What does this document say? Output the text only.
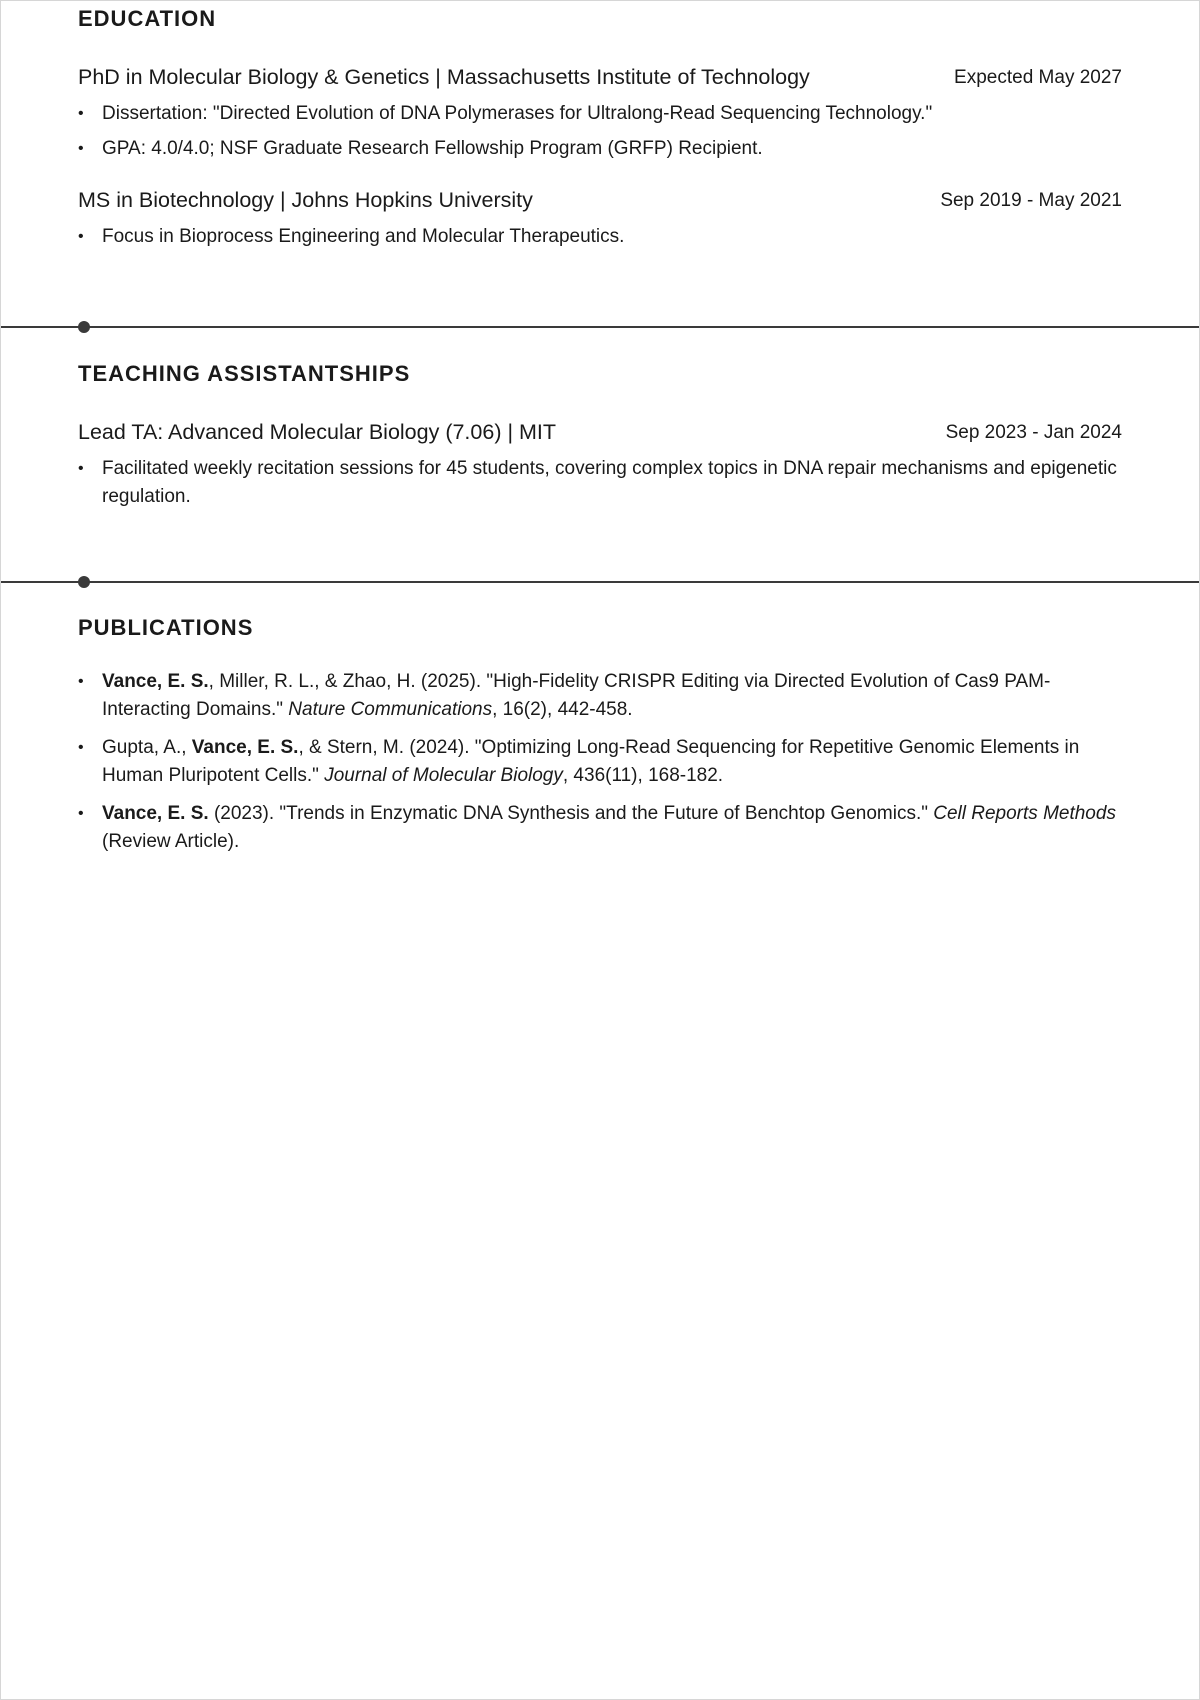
EDUCATION
PhD in Molecular Biology & Genetics | Massachusetts Institute of Technology	Expected May 2027
• Dissertation: "Directed Evolution of DNA Polymerases for Ultralong-Read Sequencing Technology."
• GPA: 4.0/4.0; NSF Graduate Research Fellowship Program (GRFP) Recipient.
MS in Biotechnology | Johns Hopkins University	Sep 2019 - May 2021
• Focus in Bioprocess Engineering and Molecular Therapeutics.
TEACHING ASSISTANTSHIPS
Lead TA: Advanced Molecular Biology (7.06) | MIT	Sep 2023 - Jan 2024
• Facilitated weekly recitation sessions for 45 students, covering complex topics in DNA repair mechanisms and epigenetic regulation.
PUBLICATIONS
• Vance, E. S., Miller, R. L., & Zhao, H. (2025). "High-Fidelity CRISPR Editing via Directed Evolution of Cas9 PAM-Interacting Domains." Nature Communications, 16(2), 442-458.
• Gupta, A., Vance, E. S., & Stern, M. (2024). "Optimizing Long-Read Sequencing for Repetitive Genomic Elements in Human Pluripotent Cells." Journal of Molecular Biology, 436(11), 168-182.
• Vance, E. S. (2023). "Trends in Enzymatic DNA Synthesis and the Future of Benchtop Genomics." Cell Reports Methods (Review Article).
